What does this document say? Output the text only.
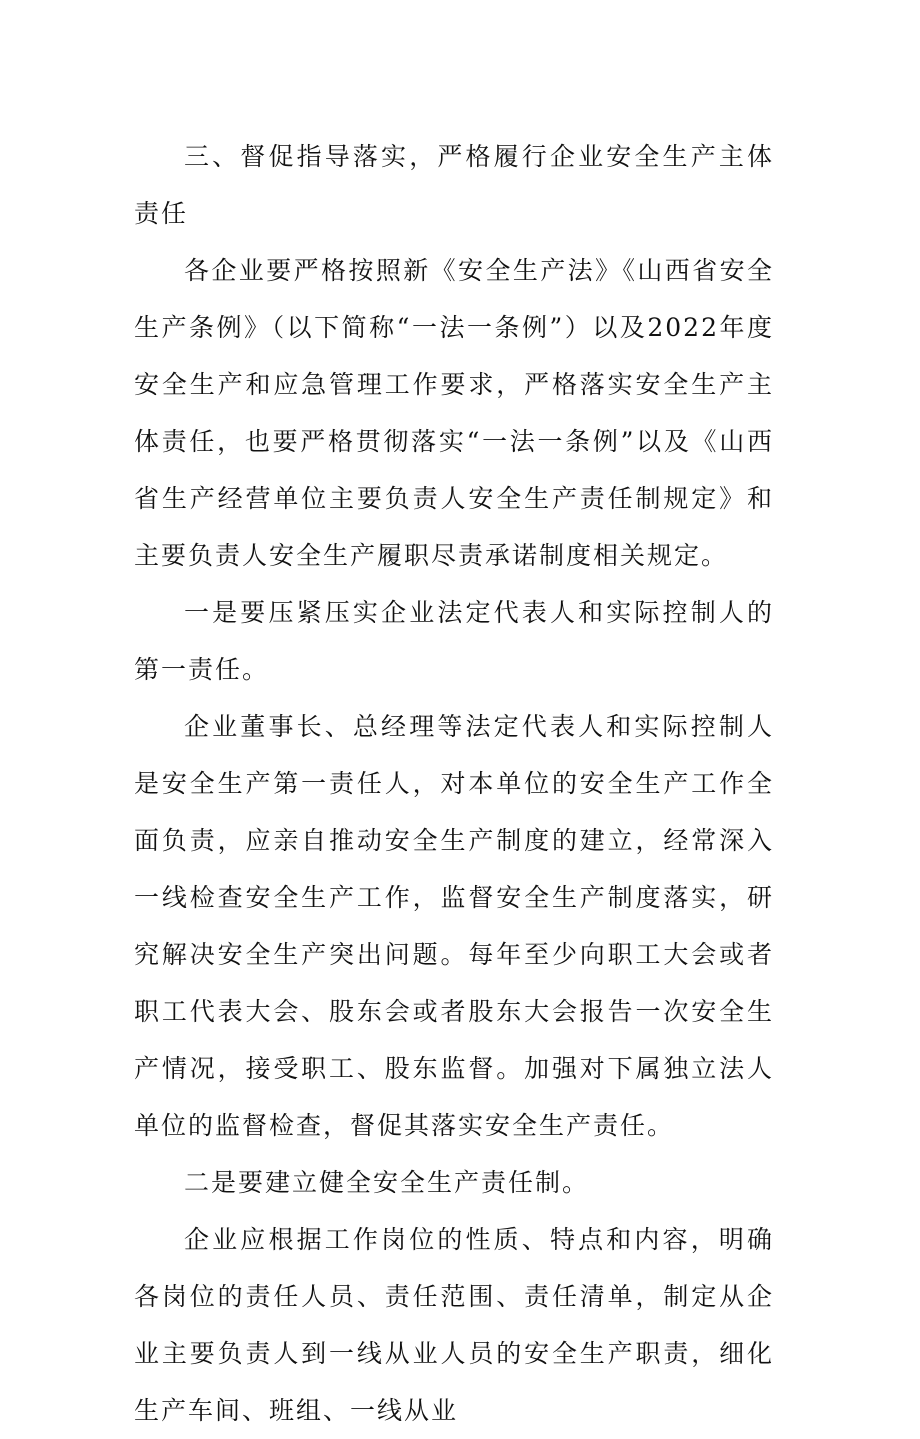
三、督促指导落实，严格履行企业安全生产主体责任

各企业要严格按照新《安全生产法》《山西省安全生产条例》（以下简称“一法一条例”）以及2022年度安全生产和应急管理工作要求，严格落实安全生产主体责任，也要严格贯彻落实“一法一条例”以及《山西省生产经营单位主要负责人安全生产责任制规定》和主要负责人安全生产履职尽责承诺制度相关规定。

一是要压紧压实企业法定代表人和实际控制人的第一责任。

企业董事长、总经理等法定代表人和实际控制人是安全生产第一责任人，对本单位的安全生产工作全面负责，应亲自推动安全生产制度的建立，经常深入一线检查安全生产工作，监督安全生产制度落实，研究解决安全生产突出问题。每年至少向职工大会或者职工代表大会、股东会或者股东大会报告一次安全生产情况，接受职工、股东监督。加强对下属独立法人单位的监督检查，督促其落实安全生产责任。

二是要建立健全安全生产责任制。

企业应根据工作岗位的性质、特点和内容，明确各岗位的责任人员、责任范围、责任清单，制定从企业主要负责人到一线从业人员的安全生产职责，细化生产车间、班组、一线从业
